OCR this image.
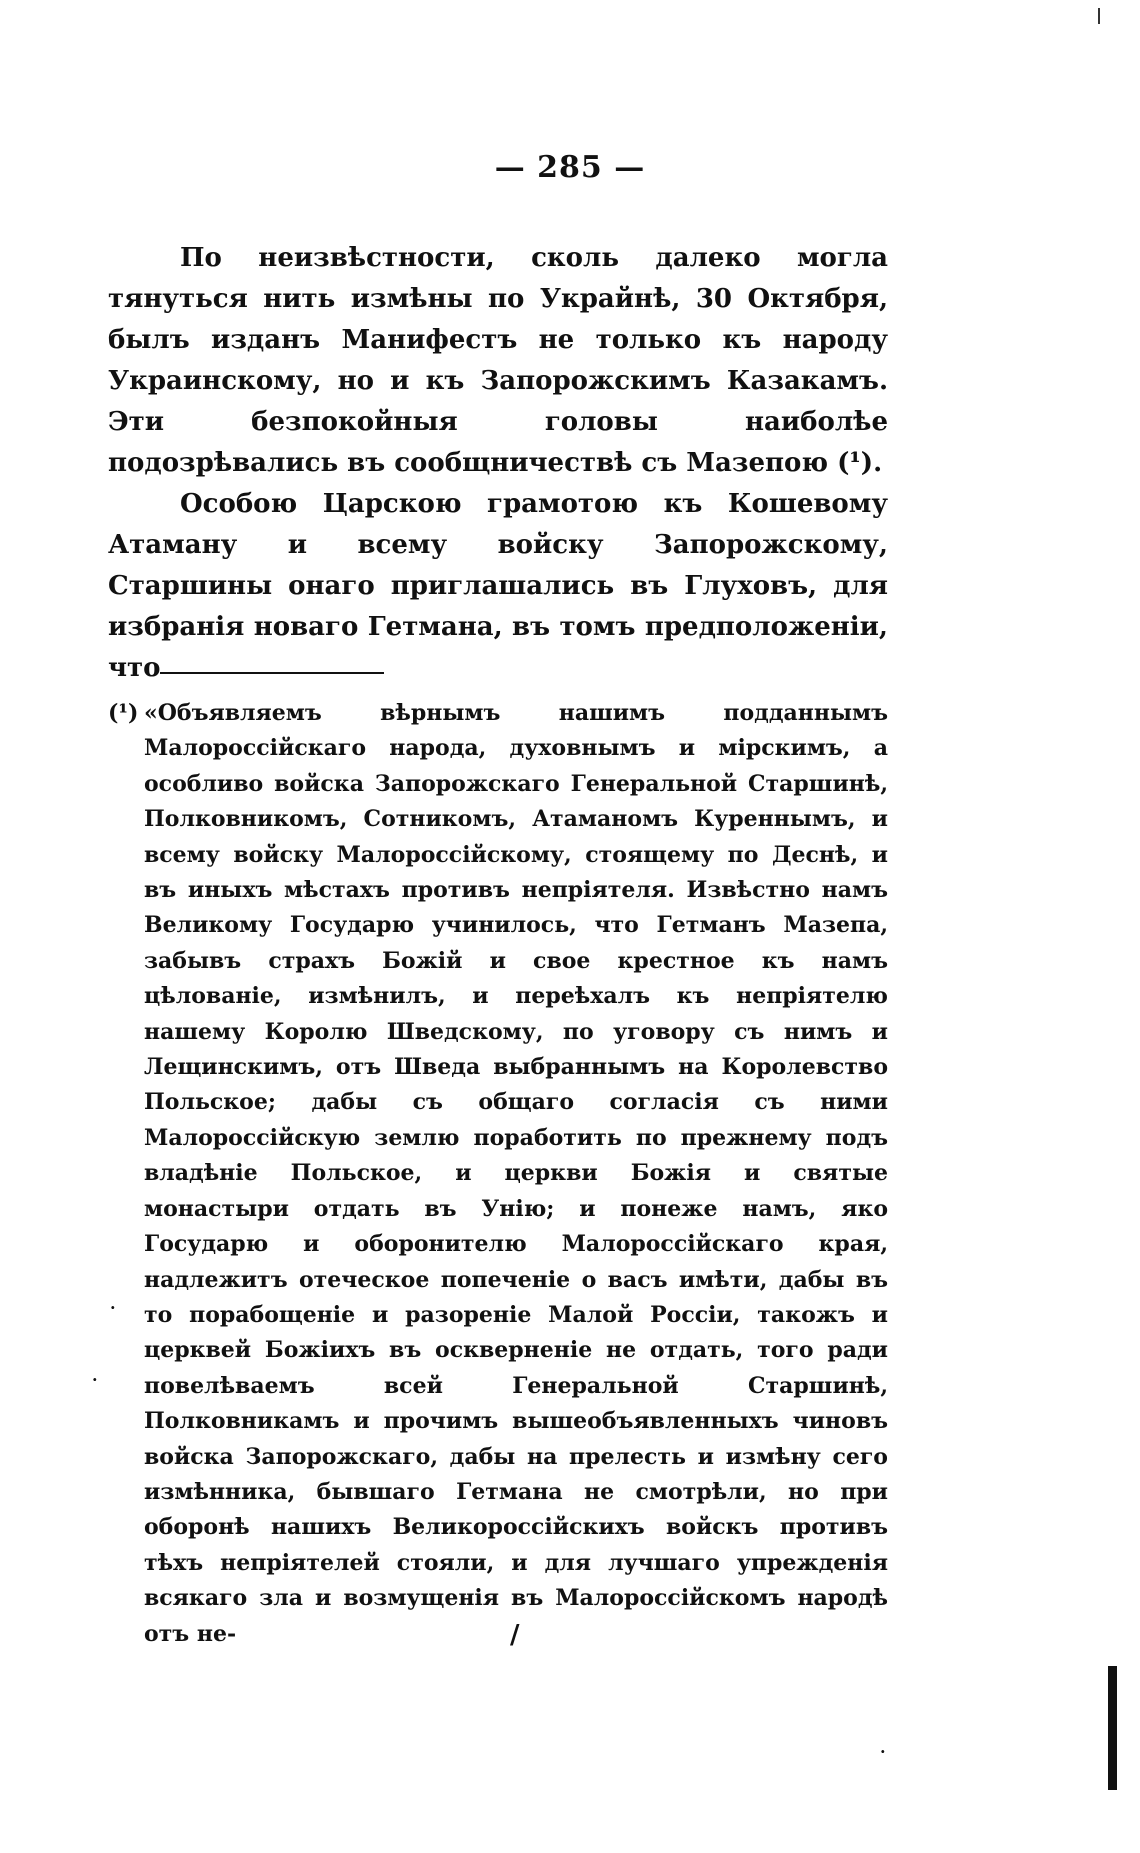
— 285 —

По неизвѣстности, сколь далеко могла тянуться нить измѣны по Украйнѣ, 30 Октября, былъ изданъ Манифестъ не только къ народу Украинскому, но и къ Запорожскимъ Казакамъ. Эти безпокойныя головы наиболѣе подозрѣвались въ сообщничествѣ съ Мазепою (¹).

Особою Царскою грамотою къ Кошевому Атаману и всему войску Запорожскому, Старшины онаго приглашались въ Глуховъ, для избранія новаго Гетмана, въ томъ предположеніи, что

(¹) «Объявляемъ вѣрнымъ нашимъ подданнымъ Малороссійскаго народа, духовнымъ и мірскимъ, а особливо войска Запорожскаго Генеральной Старшинѣ, Полковникомъ, Сотникомъ, Атаманомъ Куреннымъ, и всему войску Малороссійскому, стоящему по Деснѣ, и въ иныхъ мѣстахъ противъ непріятеля. Извѣстно намъ Великому Государю учинилось, что Гетманъ Мазепа, забывъ страхъ Божій и свое крестное къ намъ цѣлованіе, измѣнилъ, и переѣхалъ къ непріятелю нашему Королю Шведскому, по уговору съ нимъ и Лещинскимъ, отъ Шведа выбраннымъ на Королевство Польское; дабы съ общаго согласія съ ними Малороссійскую землю поработить по прежнему подъ владѣніе Польское, и церкви Божія и святые монастыри отдать въ Унію; и понеже намъ, яко Государю и оборонителю Малороссійскаго края, надлежитъ отеческое попеченіе о васъ имѣти, дабы въ то порабощеніе и разореніе Малой Россіи, такожъ и церквей Божіихъ въ оскверненіе не отдать, того ради повелѣваемъ всей Генеральной Старшинѣ, Полковникамъ и прочимъ вышеобъявленныхъ чиновъ войска Запорожскаго, дабы на прелесть и измѣну сего измѣнника, бывшаго Гетмана не смотрѣли, но при оборонѣ нашихъ Великороссійскихъ войскъ противъ тѣхъ непріятелей стояли, и для лучшаго упрежденія всякаго зла и возмущенія въ Малороссійскомъ народѣ отъ не-

·
·
·
/
